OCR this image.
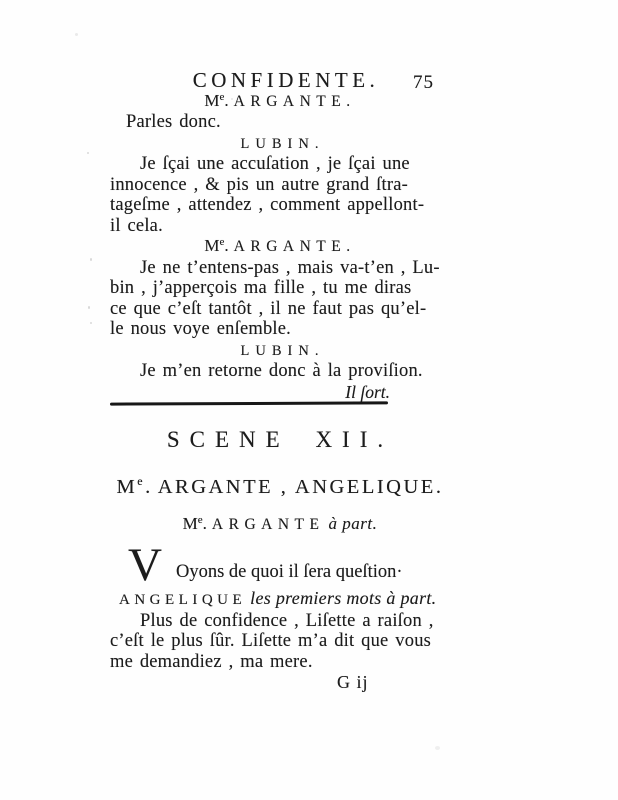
CONFIDENTE.	75
Me. ARGANTE.
Parles donc.
LUBIN.
Je ſçai une accuſation , je ſçai une
innocence , & pis un autre grand ſtra-
tageſme , attendez , comment appellont-
il cela.
Me. ARGANTE.
Je ne t’entens-pas , mais va-t’en , Lu-
bin , j’apperçois ma fille , tu me diras
ce que c’eſt tantôt , il ne faut pas qu’el-
le nous voye enſemble.
LUBIN.
Je m’en retorne donc à la proviſion.
Il ſort.
SCENE XII.
Me. ARGANTE , ANGELIQUE.
Me. ARGANTE à part.
V Oyons de quoi il ſera queſtion·
ANGELIQUE les premiers mots à part.
Plus de confidence , Liſette a raiſon ,
c’eſt le plus ſûr. Liſette m’a dit que vous
me demandiez , ma mere.
G ij
